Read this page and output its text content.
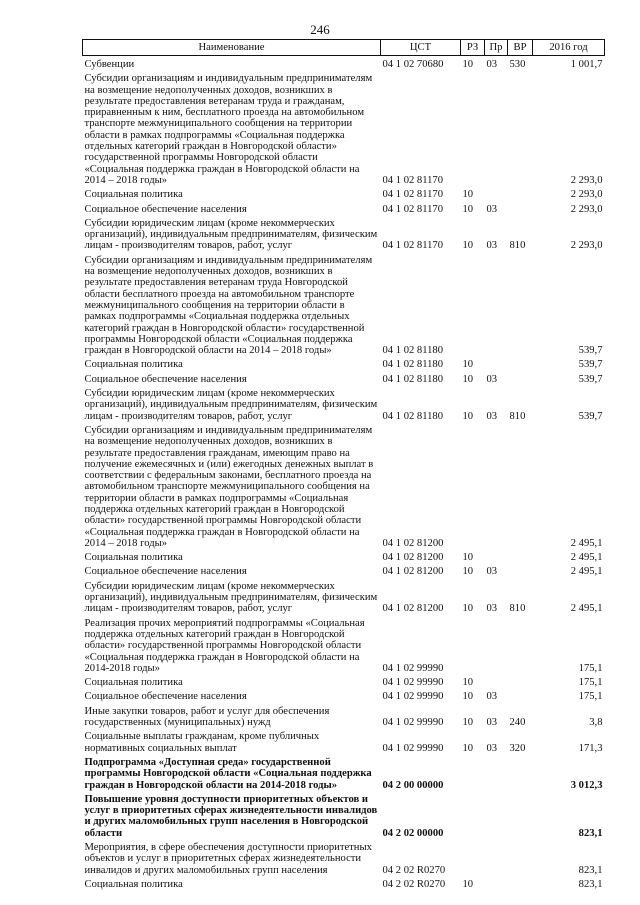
246
Наименование	ЦСТ	РЗ	Пр	ВР	2016 год
Субвенции	04 1 02 70680	10	03	530	1 001,7
Субсидии организациям и индивидуальным предпринимателям на возмещение недополученных доходов, возникших в результате предоставления ветеранам труда и гражданам, приравненным к ним, бесплатного проезда на автомобильном транспорте межмуниципального сообщения на территории области в рамках подпрограммы «Социальная поддержка отдельных категорий граждан в Новгородской области» государственной программы Новгородской области «Социальная поддержка граждан в Новгородской области на 2014 – 2018 годы»	04 1 02 81170				2 293,0
Социальная политика	04 1 02 81170	10			2 293,0
Социальное обеспечение населения	04 1 02 81170	10	03		2 293,0
Субсидии юридическим лицам (кроме некоммерческих организаций), индивидуальным предпринимателям, физическим лицам - производителям товаров, работ, услуг	04 1 02 81170	10	03	810	2 293,0
Субсидии организациям и индивидуальным предпринимателям на возмещение недополученных доходов, возникших в результате предоставления ветеранам труда Новгородской области бесплатного проезда на автомобильном транспорте межмуниципального сообщения на территории области в рамках подпрограммы «Социальная поддержка отдельных категорий граждан в Новгородской области» государственной программы Новгородской области «Социальная поддержка граждан в Новгородской области на 2014 – 2018 годы»	04 1 02 81180				539,7
Социальная политика	04 1 02 81180	10			539,7
Социальное обеспечение населения	04 1 02 81180	10	03		539,7
Субсидии юридическим лицам (кроме некоммерческих организаций), индивидуальным предпринимателям, физическим лицам - производителям товаров, работ, услуг	04 1 02 81180	10	03	810	539,7
Субсидии организациям и индивидуальным предпринимателям на возмещение недополученных доходов, возникших в результате предоставления гражданам, имеющим право на получение ежемесячных и (или) ежегодных денежных выплат в соответствии с федеральным законами, бесплатного проезда на автомобильном транспорте межмуниципального сообщения на территории области в рамках подпрограммы «Социальная поддержка отдельных категорий граждан в Новгородской области» государственной программы Новгородской области «Социальная поддержка граждан в Новгородской области на 2014 – 2018 годы»	04 1 02 81200				2 495,1
Социальная политика	04 1 02 81200	10			2 495,1
Социальное обеспечение населения	04 1 02 81200	10	03		2 495,1
Субсидии юридическим лицам (кроме некоммерческих организаций), индивидуальным предпринимателям, физическим лицам - производителям товаров, работ, услуг	04 1 02 81200	10	03	810	2 495,1
Реализация прочих мероприятий подпрограммы «Социальная поддержка отдельных категорий граждан в Новгородской области» государственной программы Новгородской области «Социальная поддержка граждан в Новгородской области на 2014-2018 годы»	04 1 02 99990				175,1
Социальная политика	04 1 02 99990	10			175,1
Социальное обеспечение населения	04 1 02 99990	10	03		175,1
Иные закупки товаров, работ и услуг для обеспечения государственных (муниципальных) нужд	04 1 02 99990	10	03	240	3,8
Социальные выплаты гражданам, кроме публичных нормативных социальных выплат	04 1 02 99990	10	03	320	171,3
Подпрограмма «Доступная среда» государственной программы Новгородской области «Социальная поддержка граждан в Новгородской области на 2014-2018 годы»	04 2 00 00000				3 012,3
Повышение уровня доступности приоритетных объектов и услуг в приоритетных сферах жизнедеятельности инвалидов и других маломобильных групп населения в Новгородской области	04 2 02 00000				823,1
Мероприятия, в сфере обеспечения доступности приоритетных объектов и услуг в приоритетных сферах жизнедеятельности инвалидов и других маломобильных групп населения	04 2 02 R0270				823,1
Социальная политика	04 2 02 R0270	10			823,1
